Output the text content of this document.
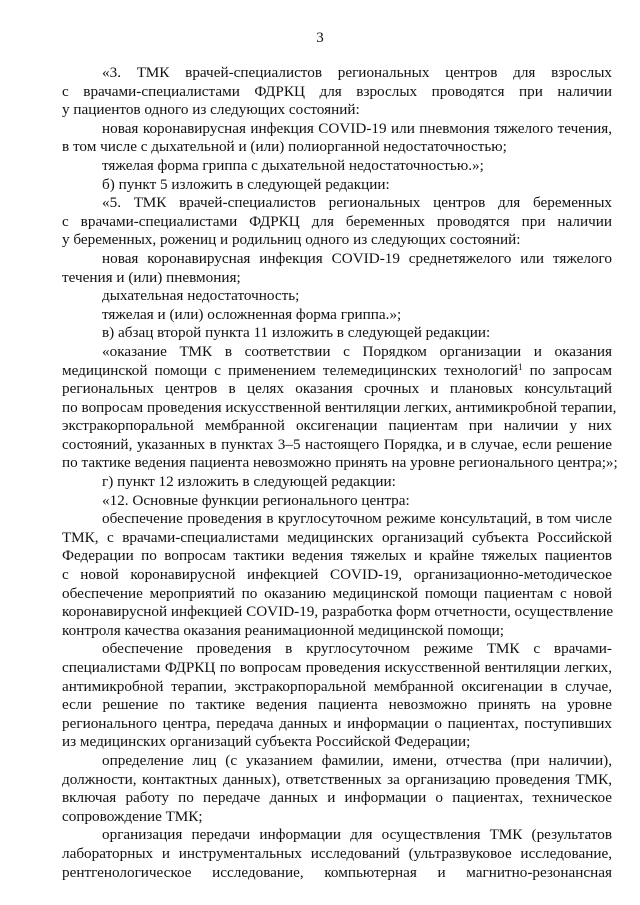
3
«3. ТМК врачей-специалистов региональных центров для взрослых
с врачами-специалистами ФДРКЦ для взрослых проводятся при наличии
у пациентов одного из следующих состояний:
новая коронавирусная инфекция COVID-19 или пневмония тяжелого течения,
в том числе с дыхательной и (или) полиорганной недостаточностью;
тяжелая форма гриппа с дыхательной недостаточностью.»;
б) пункт 5 изложить в следующей редакции:
«5. ТМК врачей-специалистов региональных центров для беременных
с врачами-специалистами ФДРКЦ для беременных проводятся при наличии
у беременных, рожениц и родильниц одного из следующих состояний:
новая коронавирусная инфекция COVID-19 среднетяжелого или тяжелого
течения и (или) пневмония;
дыхательная недостаточность;
тяжелая и (или) осложненная форма гриппа.»;
в) абзац второй пункта 11 изложить в следующей редакции:
«оказание ТМК в соответствии с Порядком организации и оказания
медицинской помощи с применением телемедицинских технологий$^1$ по запросам
региональных центров в целях оказания срочных и плановых консультаций
по вопросам проведения искусственной вентиляции легких, антимикробной терапии,
экстракорпоральной мембранной оксигенации пациентам при наличии у них
состояний, указанных в пунктах 3–5 настоящего Порядка, и в случае, если решение
по тактике ведения пациента невозможно принять на уровне регионального центра;»;
г) пункт 12 изложить в следующей редакции:
«12. Основные функции регионального центра:
обеспечение проведения в круглосуточном режиме консультаций, в том числе
ТМК, с врачами-специалистами медицинских организаций субъекта Российской
Федерации по вопросам тактики ведения тяжелых и крайне тяжелых пациентов
с новой коронавирусной инфекцией COVID-19, организационно-методическое
обеспечение мероприятий по оказанию медицинской помощи пациентам с новой
коронавирусной инфекцией COVID-19, разработка форм отчетности, осуществление
контроля качества оказания реанимационной медицинской помощи;
обеспечение проведения в круглосуточном режиме ТМК с врачами-
специалистами ФДРКЦ по вопросам проведения искусственной вентиляции легких,
антимикробной терапии, экстракорпоральной мембранной оксигенации в случае,
если решение по тактике ведения пациента невозможно принять на уровне
регионального центра, передача данных и информации о пациентах, поступивших
из медицинских организаций субъекта Российской Федерации;
определение лиц (с указанием фамилии, имени, отчества (при наличии),
должности, контактных данных), ответственных за организацию проведения ТМК,
включая работу по передаче данных и информации о пациентах, техническое
сопровождение ТМК;
организация передачи информации для осуществления ТМК (результатов
лабораторных и инструментальных исследований (ультразвуковое исследование,
рентгенологическое исследование, компьютерная и магнитно-резонансная
